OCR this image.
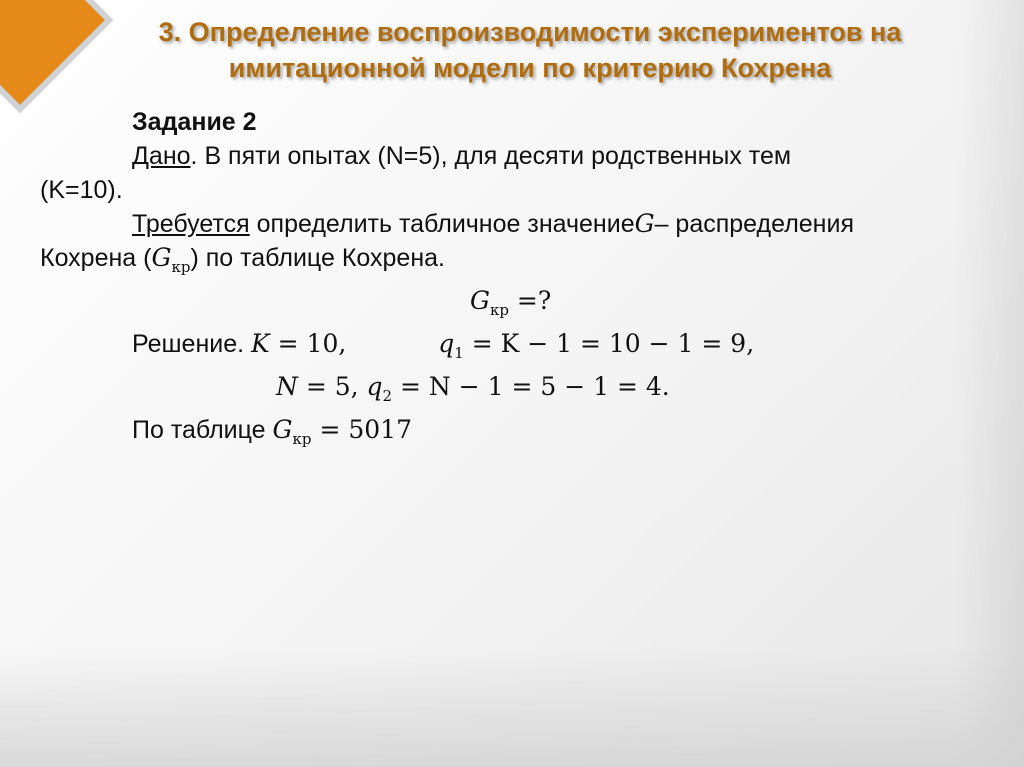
3. Определение воспроизводимости экспериментов на
имитационной модели по критерию Кохрена
Задание 2
Дано. В пяти опытах (N=5), для десяти родственных тем
(K=10).
Требуется определить табличное значениеG– распределения
Кохрена $(G_{кр})$ по таблице Кохрена.
$G_{кр}$ =?
Решение. K = 10,	$q_1 = K - 1 = 10 - 1 = 9$,
N = 5, $q_2 = N - 1 = 5 - 1 = 4$.
По таблице $G_{кр} = 5017$
